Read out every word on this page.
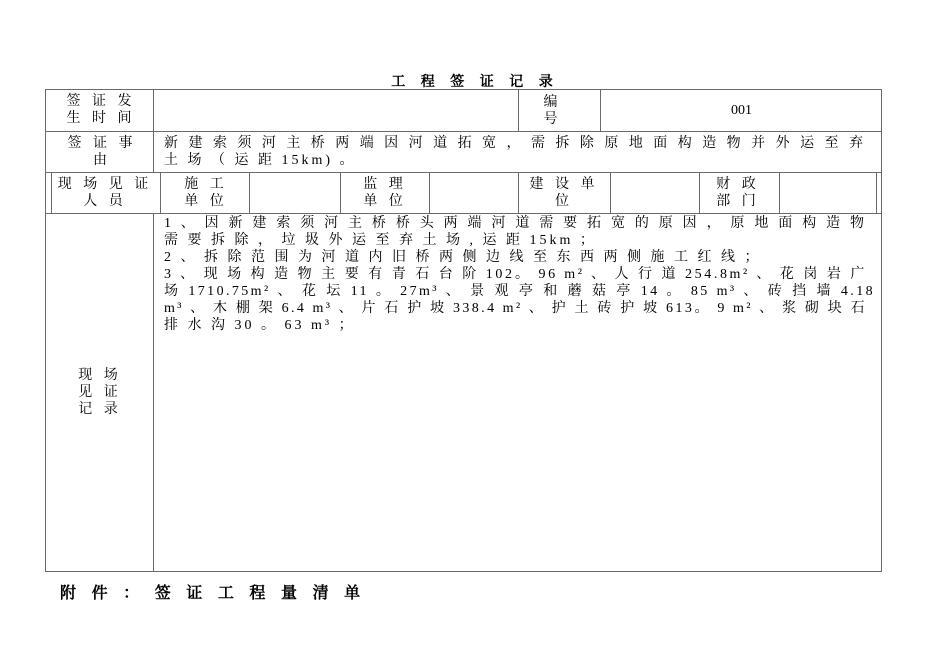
工 程 签 证 记 录
签 证 发 生 时 间
编 号
001
签 证 事 由
新 建 索 须 河 主 桥 两 端 因 河 道 拓 宽 ， 需 拆 除 原 地 面 构 造 物 并 外 运 至 弃
土 场 （ 运 距 15km) 。
现 场 见 证 人 员
施 工 单 位
监 理 单 位
建 设 单 位
财 政 部 门
现 场 见 证 记 录
1 、 因 新 建 索 须 河 主 桥 桥 头 两 端 河 道 需 要 拓 宽 的 原 因 ， 原 地 面 构 造 物
需 要 拆 除 ， 垃 圾 外 运 至 弃 土 场 , 运 距 15km ；
2 、 拆 除 范 围 为 河 道 内 旧 桥 两 侧 边 线 至 东 西 两 侧 施 工 红 线 ；
3 、 现 场 构 造 物 主 要 有 青 石 台 阶 102。 96 m² 、 人 行 道 254.8m² 、 花 岗 岩 广
场 1710.75m² 、 花 坛 11 。 27m³ 、 景 观 亭 和 蘑 菇 亭 14 。 85 m³ 、 砖 挡 墙 4.18
m³ 、 木 棚 架 6.4 m³ 、 片 石 护 坡 338.4 m² 、 护 土 砖 护 坡 613。 9 m² 、 浆 砌 块 石
排 水 沟 30 。 63 m³ ；
附 件 ： 签 证 工 程 量 清 单
